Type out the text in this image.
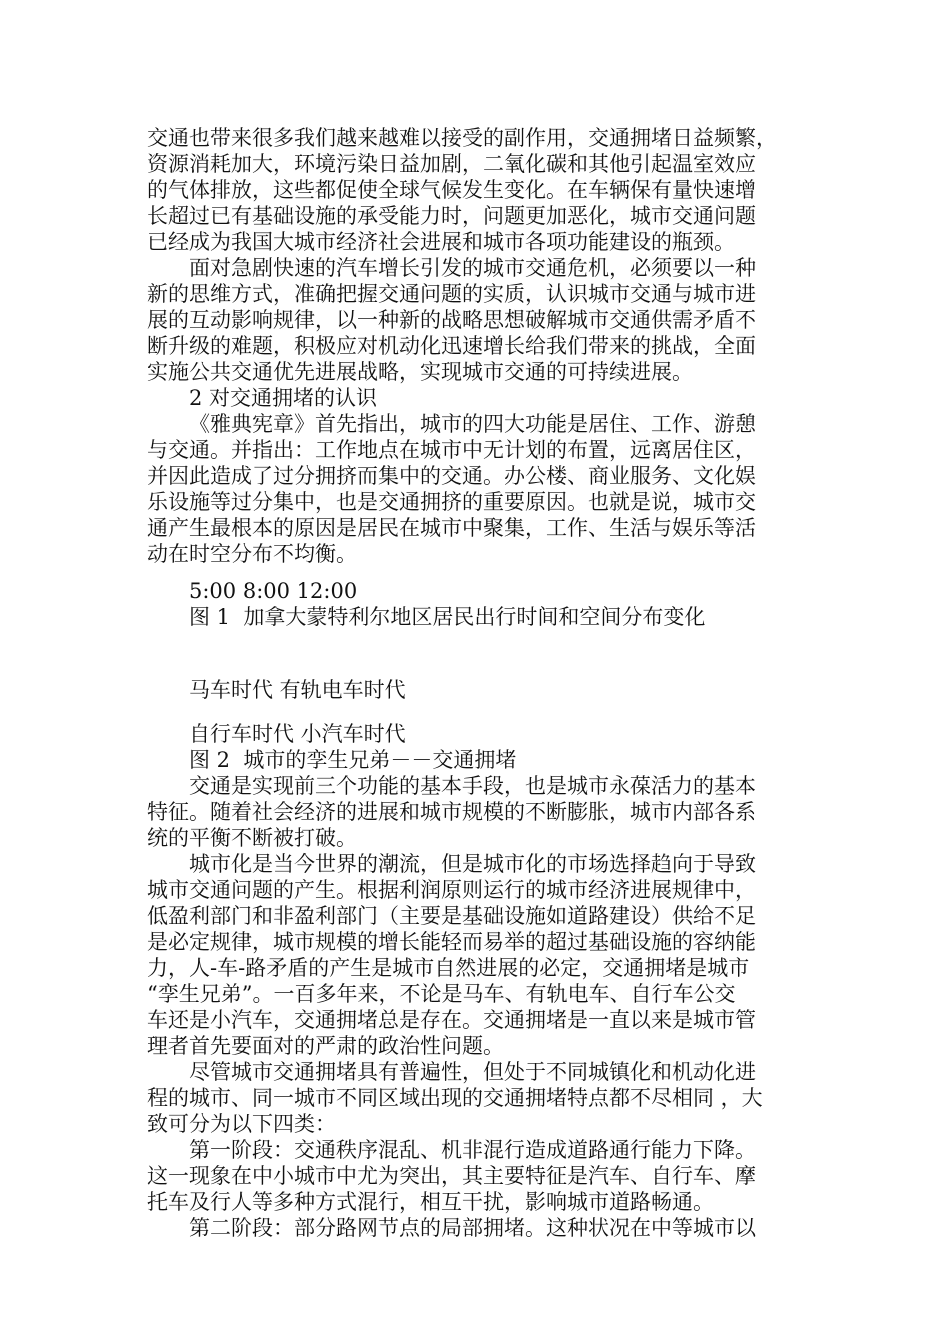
交通也带来很多我们越来越难以接受的副作用，交通拥堵日益频繁，
资源消耗加大，环境污染日益加剧，二氧化碳和其他引起温室效应
的气体排放，这些都促使全球气候发生变化。在车辆保有量快速增
长超过已有基础设施的承受能力时，问题更加恶化，城市交通问题
已经成为我国大城市经济社会进展和城市各项功能建设的瓶颈。
面对急剧快速的汽车增长引发的城市交通危机，必须要以一种
新的思维方式，准确把握交通问题的实质，认识城市交通与城市进
展的互动影响规律，以一种新的战略思想破解城市交通供需矛盾不
断升级的难题，积极应对机动化迅速增长给我们带来的挑战，全面
实施公共交通优先进展战略，实现城市交通的可持续进展。
2 对交通拥堵的认识
《雅典宪章》首先指出，城市的四大功能是居住、工作、游憩
与交通。并指出：工作地点在城市中无计划的布置，远离居住区，
并因此造成了过分拥挤而集中的交通。办公楼、商业服务、文化娱
乐设施等过分集中，也是交通拥挤的重要原因。也就是说，城市交
通产生最根本的原因是居民在城市中聚集，工作、生活与娱乐等活
动在时空分布不均衡。
5:00 8:00 12:00
图 1  加拿大蒙特利尔地区居民出行时间和空间分布变化
马车时代 有轨电车时代
自行车时代 小汽车时代
图 2  城市的孪生兄弟－－交通拥堵
交通是实现前三个功能的基本手段，也是城市永葆活力的基本
特征。随着社会经济的进展和城市规模的不断膨胀，城市内部各系
统的平衡不断被打破。
城市化是当今世界的潮流，但是城市化的市场选择趋向于导致
城市交通问题的产生。根据利润原则运行的城市经济进展规律中，
低盈利部门和非盈利部门（主要是基础设施如道路建设）供给不足
是必定规律，城市规模的增长能轻而易举的超过基础设施的容纳能
力，人-车-路矛盾的产生是城市自然进展的必定，交通拥堵是城市
“孪生兄弟”。一百多年来，不论是马车、有轨电车、自行车公交
车还是小汽车，交通拥堵总是存在。交通拥堵是一直以来是城市管
理者首先要面对的严肃的政治性问题。
尽管城市交通拥堵具有普遍性，但处于不同城镇化和机动化进
程的城市、同一城市不同区域出现的交通拥堵特点都不尽相同 ，大
致可分为以下四类：
第一阶段：交通秩序混乱、机非混行造成道路通行能力下降。
这一现象在中小城市中尤为突出，其主要特征是汽车、自行车、摩
托车及行人等多种方式混行，相互干扰，影响城市道路畅通。
第二阶段：部分路网节点的局部拥堵。这种状况在中等城市以
